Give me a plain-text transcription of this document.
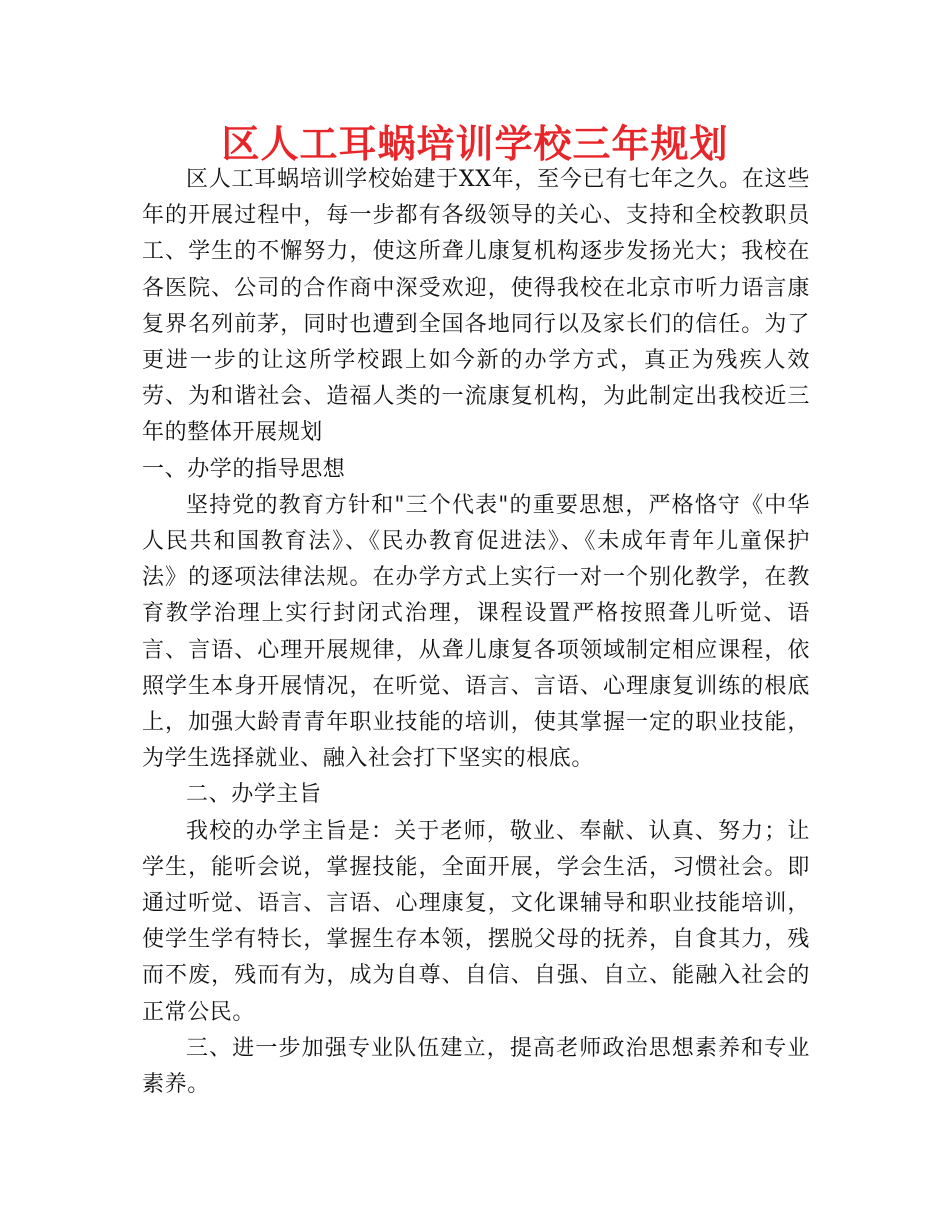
区人工耳蜗培训学校三年规划

区人工耳蜗培训学校始建于XX年，至今已有七年之久。在这些年的开展过程中，每一步都有各级领导的关心、支持和全校教职员工、学生的不懈努力，使这所聋儿康复机构逐步发扬光大；我校在各医院、公司的合作商中深受欢迎，使得我校在北京市听力语言康复界名列前茅，同时也遭到全国各地同行以及家长们的信任。为了更进一步的让这所学校跟上如今新的办学方式，真正为残疾人效劳、为和谐社会、造福人类的一流康复机构，为此制定出我校近三年的整体开展规划

一、办学的指导思想

坚持党的教育方针和"三个代表"的重要思想，严格恪守《中华人民共和国教育法》、《民办教育促进法》、《未成年青年儿童保护法》的逐项法律法规。在办学方式上实行一对一个别化教学，在教育教学治理上实行封闭式治理，课程设置严格按照聋儿听觉、语言、言语、心理开展规律，从聋儿康复各项领域制定相应课程，依照学生本身开展情况，在听觉、语言、言语、心理康复训练的根底上，加强大龄青青年职业技能的培训，使其掌握一定的职业技能，为学生选择就业、融入社会打下坚实的根底。

二、办学主旨

我校的办学主旨是：关于老师，敬业、奉献、认真、努力；让学生，能听会说，掌握技能，全面开展，学会生活，习惯社会。即通过听觉、语言、言语、心理康复，文化课辅导和职业技能培训，使学生学有特长，掌握生存本领，摆脱父母的抚养，自食其力，残而不废，残而有为，成为自尊、自信、自强、自立、能融入社会的正常公民。

三、进一步加强专业队伍建立，提高老师政治思想素养和专业素养。
